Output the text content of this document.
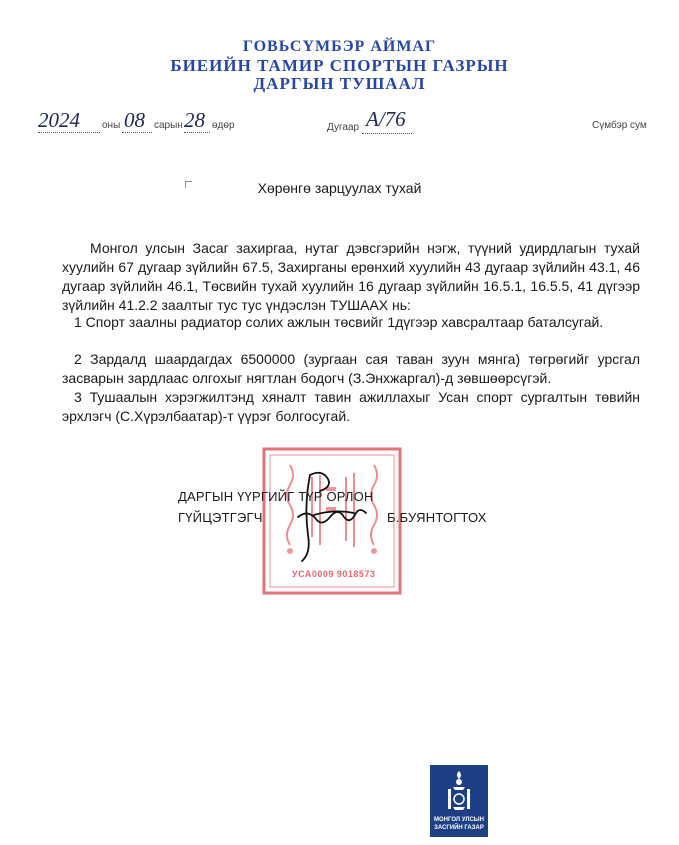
ГОВЬСҮМБЭР АЙМАГ
БИЕИЙН ТАМИР СПОРТЫН ГАЗРЫН
ДАРГЫН ТУШААЛ
2024 оны 08 сарын 28 өдөр	Дугаар А/76	Сүмбэр сум
Хөрөнгө зарцуулах тухай
Монгол улсын Засаг захиргаа, нутаг дэвсгэрийн нэгж, түүний удирдлагын тухай хуулийн 67 дугаар зүйлийн 67.5, Захирганы ерөнхий хуулийн 43 дугаар зүйлийн 43.1, 46 дугаар зүйлийн 46.1, Төсвийн тухай хуулийн 16 дугаар зүйлийн 16.5.1, 16.5.5, 41 дүгээр зүйлийн 41.2.2 заалтыг тус тус үндэслэн ТУШААХ нь:
1 Спорт заалны радиатор солих ажлын төсвийг 1дүгээр хавсралтаар баталсугай.
2 Зардалд шаардагдах 6500000 (зургаан сая таван зуун мянга) төгрөгийг урсгал засварын зардлаас олгохыг нягтлан бодогч (З.Энхжаргал)-д зөвшөөрсүгэй.
3 Тушаалын хэрэгжилтэнд хяналт тавин ажиллахыг Усан спорт сургалтын төвийн эрхлэгч (С.Хүрэлбаатар)-т үүрэг болгосугай.
УСА0009 9018573
ДАРГЫН ҮҮРГИЙГ ТҮР ОРЛОН
ГҮЙЦЭТГЭГЧ	Б.БУЯНТОГТОХ
МОНГОЛ УЛСЫН
ЗАСГИЙН ГАЗАР
